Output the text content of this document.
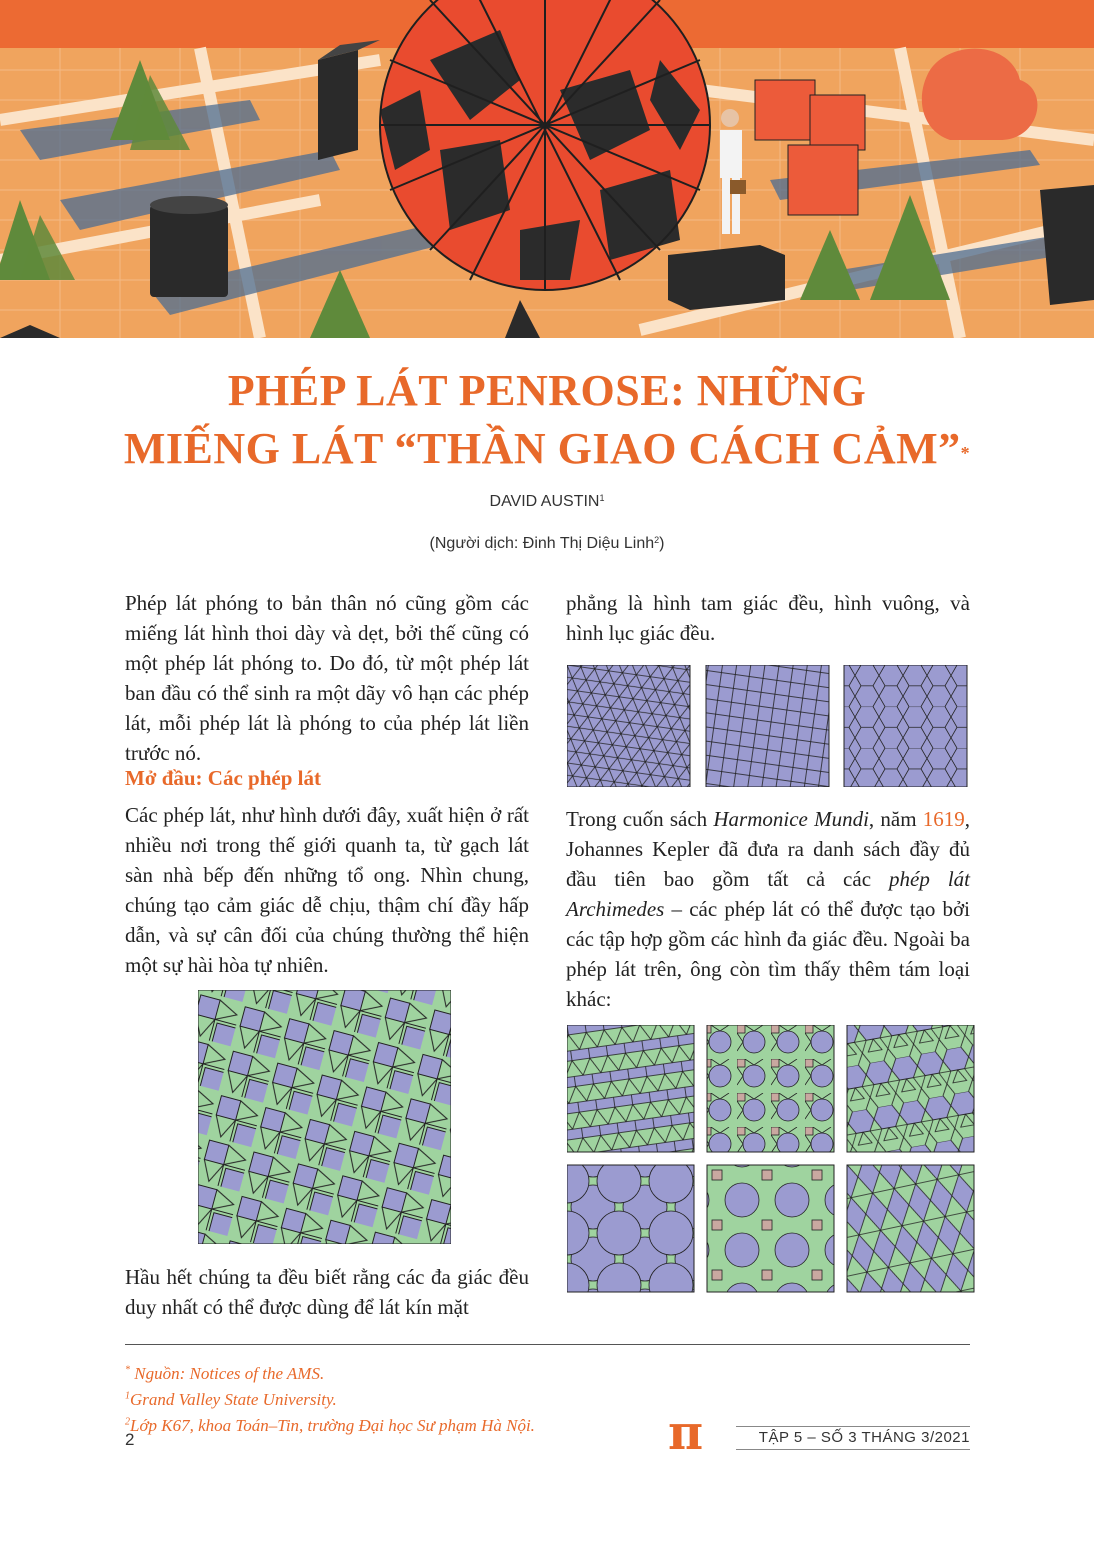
PHÉP LÁT PENROSE: NHỮNG
MIẾNG LÁT “THẦN GIAO CÁCH CẢM”*
DAVID AUSTIN$^1$
(Người dịch: Đinh Thị Diệu Linh$^2$)

Phép lát phóng to bản thân nó cũng gồm các miếng lát hình thoi dày và dẹt, bởi thế cũng có một phép lát phóng to. Do đó, từ một phép lát ban đầu có thể sinh ra một dãy vô hạn các phép lát, mỗi phép lát là phóng to của phép lát liền trước nó.

Mở đầu: Các phép lát

Các phép lát, như hình dưới đây, xuất hiện ở rất nhiều nơi trong thế giới quanh ta, từ gạch lát sàn nhà bếp đến những tổ ong. Nhìn chung, chúng tạo cảm giác dễ chịu, thậm chí đầy hấp dẫn, và sự cân đối của chúng thường thể hiện một sự hài hòa tự nhiên.

Hầu hết chúng ta đều biết rằng các đa giác đều duy nhất có thể được dùng để lát kín mặt

phẳng là hình tam giác đều, hình vuông, và hình lục giác đều.

Trong cuốn sách Harmonice Mundi, năm 1619, Johannes Kepler đã đưa ra danh sách đầy đủ đầu tiên bao gồm tất cả các phép lát Archimedes – các phép lát có thể được tạo bởi các tập hợp gồm các hình đa giác đều. Ngoài ba phép lát trên, ông còn tìm thấy thêm tám loại khác:

* Nguồn: Notices of the AMS.
$^1$Grand Valley State University.
$^2$Lớp K67, khoa Toán–Tin, trường Đại học Sư phạm Hà Nội.
2	π	TẬP 5 – SỐ 3 THÁNG 3/2021
